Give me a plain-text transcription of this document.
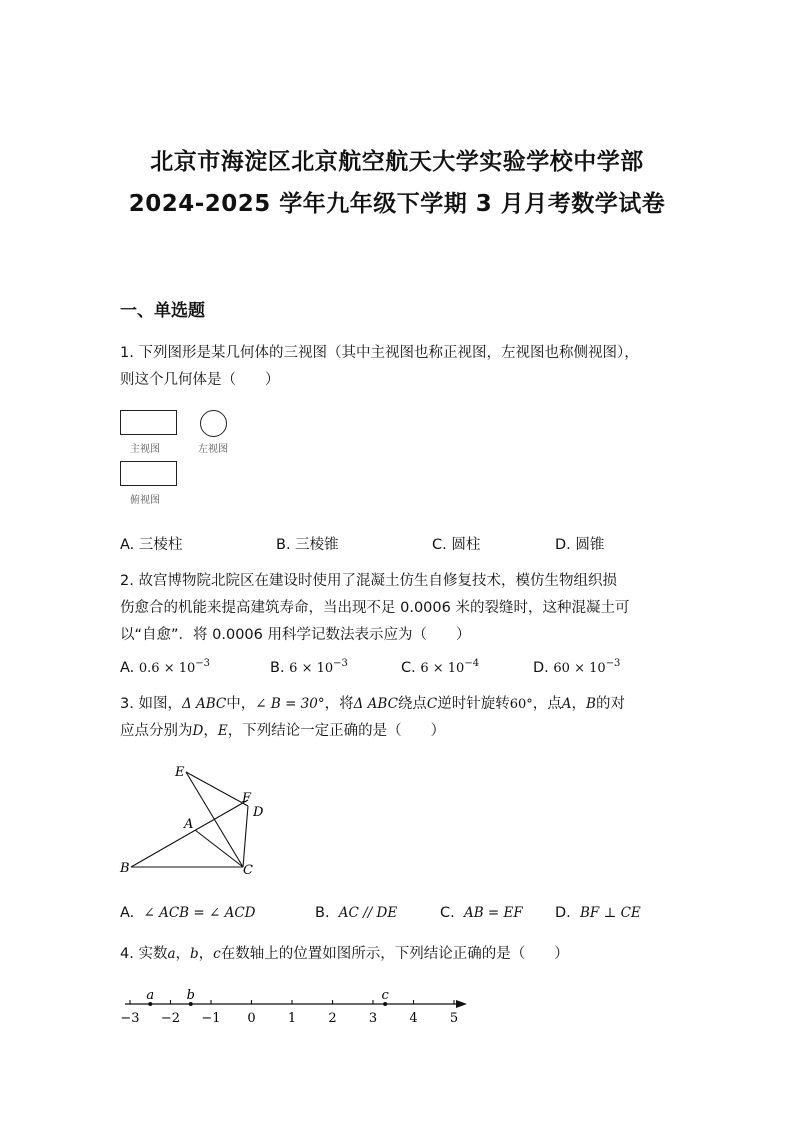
北京市海淀区北京航空航天大学实验学校中学部
2024-2025 学年九年级下学期 3 月月考数学试卷
一、单选题
1. 下列图形是某几何体的三视图（其中主视图也称正视图，左视图也称侧视图），
则这个几何体是（　　）
主视图	左视图
俯视图
A. 三棱柱	B. 三棱锥	C. 圆柱	D. 圆锥
2. 故宫博物院北院区在建设时使用了混凝土仿生自修复技术，模仿生物组织损
伤愈合的机能来提高建筑寿命，当出现不足 0.0006 米的裂缝时，这种混凝土可
以“自愈”．将 0.0006 用科学记数法表示应为（　　）
A. $0.6 \times 10^{-3}$	B. $6 \times 10^{-3}$	C. $6 \times 10^{-4}$	D. $60 \times 10^{-3}$
3. 如图，Δ ABC中，∠ B = 30°，将Δ ABC绕点C逆时针旋转60°，点A，B的对
应点分别为D，E，下列结论一定正确的是（　　）
E
F
D
A
B	C
A. ∠ ACB = ∠ ACD	B. AC // DE	C. AB = EF D. BF ⊥ CE
4. 实数a，b，c在数轴上的位置如图所示，下列结论正确的是（　　）
−3 −2 −1 0 1 2 3 4 5
a b	c
